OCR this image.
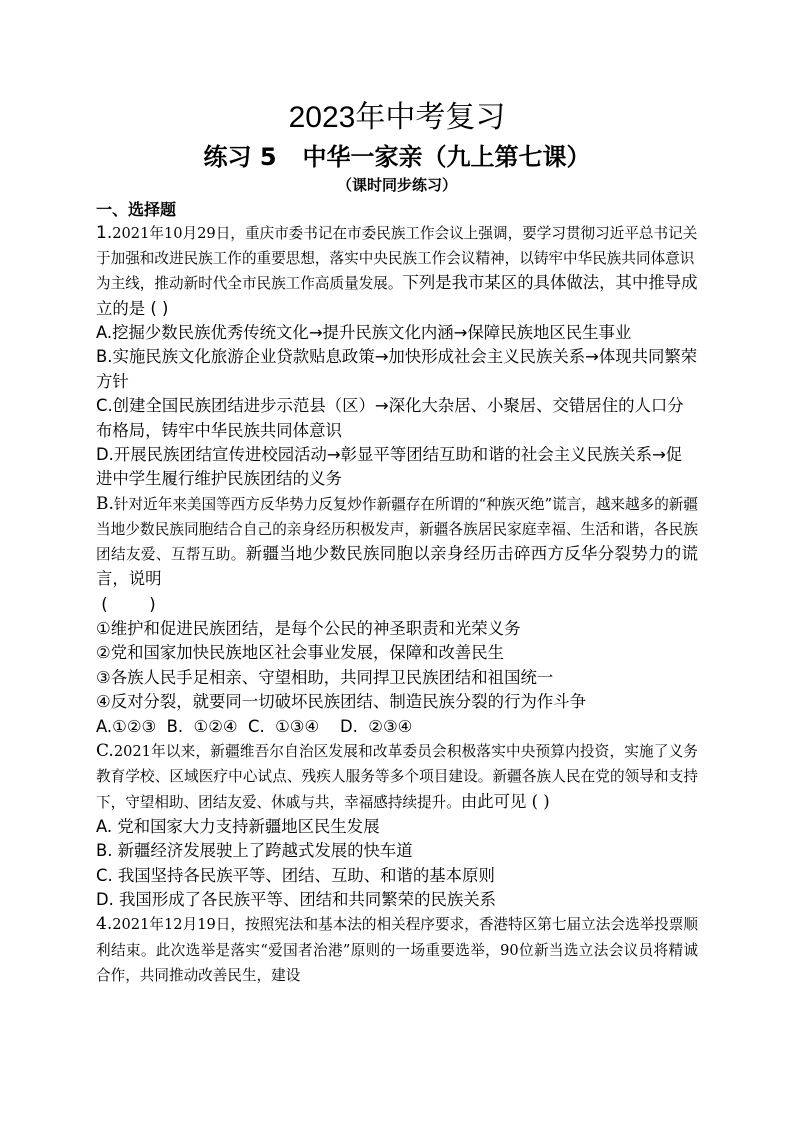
2023年中考复习
练习 5 中华一家亲（九上第七课）
（课时同步练习）
一、选择题

1.2021年10月29日，重庆市委书记在市委民族工作会议上强调，要学习贯彻习近平总书记关于加强和改进民族工作的重要思想，落实中央民族工作会议精神，以铸牢中华民族共同体意识为主线，推动新时代全市民族工作高质量发展。下列是我市某区的具体做法，其中推导成立的是 ( )

A.挖掘少数民族优秀传统文化→提升民族文化内涵→保障民族地区民生事业

B.实施民族文化旅游企业贷款贴息政策→加快形成社会主义民族关系→体现共同繁荣方针

C.创建全国民族团结进步示范县（区）→深化大杂居、小聚居、交错居住的人口分布格局，铸牢中华民族共同体意识

D.开展民族团结宣传进校园活动→彰显平等团结互助和谐的社会主义民族关系→促进中学生履行维护民族团结的义务

B.针对近年来美国等西方反华势力反复炒作新疆存在所谓的“种族灭绝”谎言，越来越多的新疆当地少数民族同胞结合自己的亲身经历积极发声，新疆各族居民家庭幸福、生活和谐，各民族团结友爱、互帮互助。新疆当地少数民族同胞以亲身经历击碎西方反华分裂势力的谎言，说明

(        )

①维护和促进民族团结，是每个公民的神圣职责和光荣义务

②党和国家加快民族地区社会事业发展，保障和改善民生

③各族人民手足相亲、守望相助，共同捍卫民族团结和祖国统一

④反对分裂，就要同一切破坏民族团结、制造民族分裂的行为作斗争

A.①②③  B.  ①②④  C.  ①③④    D.  ②③④

C.2021年以来，新疆维吾尔自治区发展和改革委员会积极落实中央预算内投资，实施了义务教育学校、区域医疗中心试点、残疾人服务等多个项目建设。新疆各族人民在党的领导和支持下，守望相助、团结友爱、休戚与共，幸福感持续提升。由此可见 ( )

A. 党和国家大力支持新疆地区民生发展

B. 新疆经济发展驶上了跨越式发展的快车道

C. 我国坚持各民族平等、团结、互助、和谐的基本原则

D. 我国形成了各民族平等、团结和共同繁荣的民族关系

4.2021年12月19日，按照宪法和基本法的相关程序要求，香港特区第七届立法会选举投票顺利结束。此次选举是落实“爱国者治港”原则的一场重要选举，90位新当选立法会议员将精诚合作，共同推动改善民生，建设
